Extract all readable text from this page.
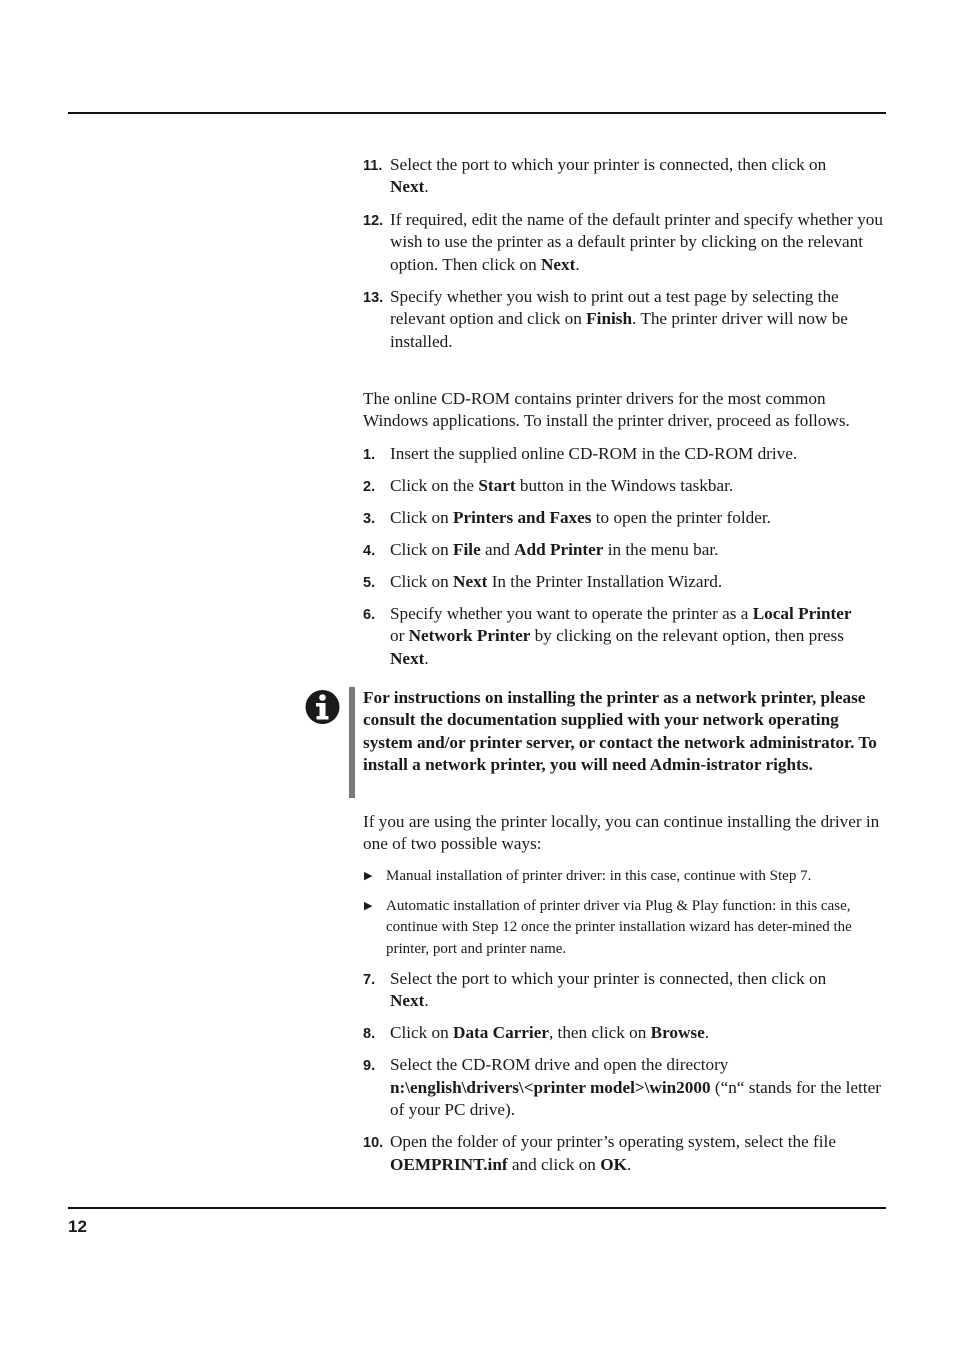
11. Select the port to which your printer is connected, then click on
Next.
12. If required, edit the name of the default printer and specify whether you wish to use the printer as a default printer by clicking on the relevant option. Then click on Next.
13. Specify whether you wish to print out a test page by selecting the relevant option and click on Finish. The printer driver will now be installed.
The online CD-ROM contains printer drivers for the most common Windows applications. To install the printer driver, proceed as follows.
1. Insert the supplied online CD-ROM in the CD-ROM drive.
2. Click on the Start button in the Windows taskbar.
3. Click on Printers and Faxes to open the printer folder.
4. Click on File and Add Printer in the menu bar.
5. Click on Next In the Printer Installation Wizard.
6. Specify whether you want to operate the printer as a Local Printer
or Network Printer by clicking on the relevant option, then press
Next.
For instructions on installing the printer as a network printer, please consult the documentation supplied with your network operating system and/or printer server, or contact the network administrator. To install a network printer, you will need Admin-istrator rights.
If you are using the printer locally, you can continue installing the driver in one of two possible ways:
▶ Manual installation of printer driver: in this case, continue with Step 7.
▶ Automatic installation of printer driver via Plug & Play function: in this case, continue with Step 12 once the printer installation wizard has deter-mined the printer, port and printer name.
7. Select the port to which your printer is connected, then click on
Next.
8. Click on Data Carrier, then click on Browse.
9. Select the CD-ROM drive and open the directory
n:\english\drivers\<printer model>\win2000 (“n“ stands for the letter of your PC drive).
10. Open the folder of your printer’s operating system, select the file
OEMPRINT.inf and click on OK.
12
